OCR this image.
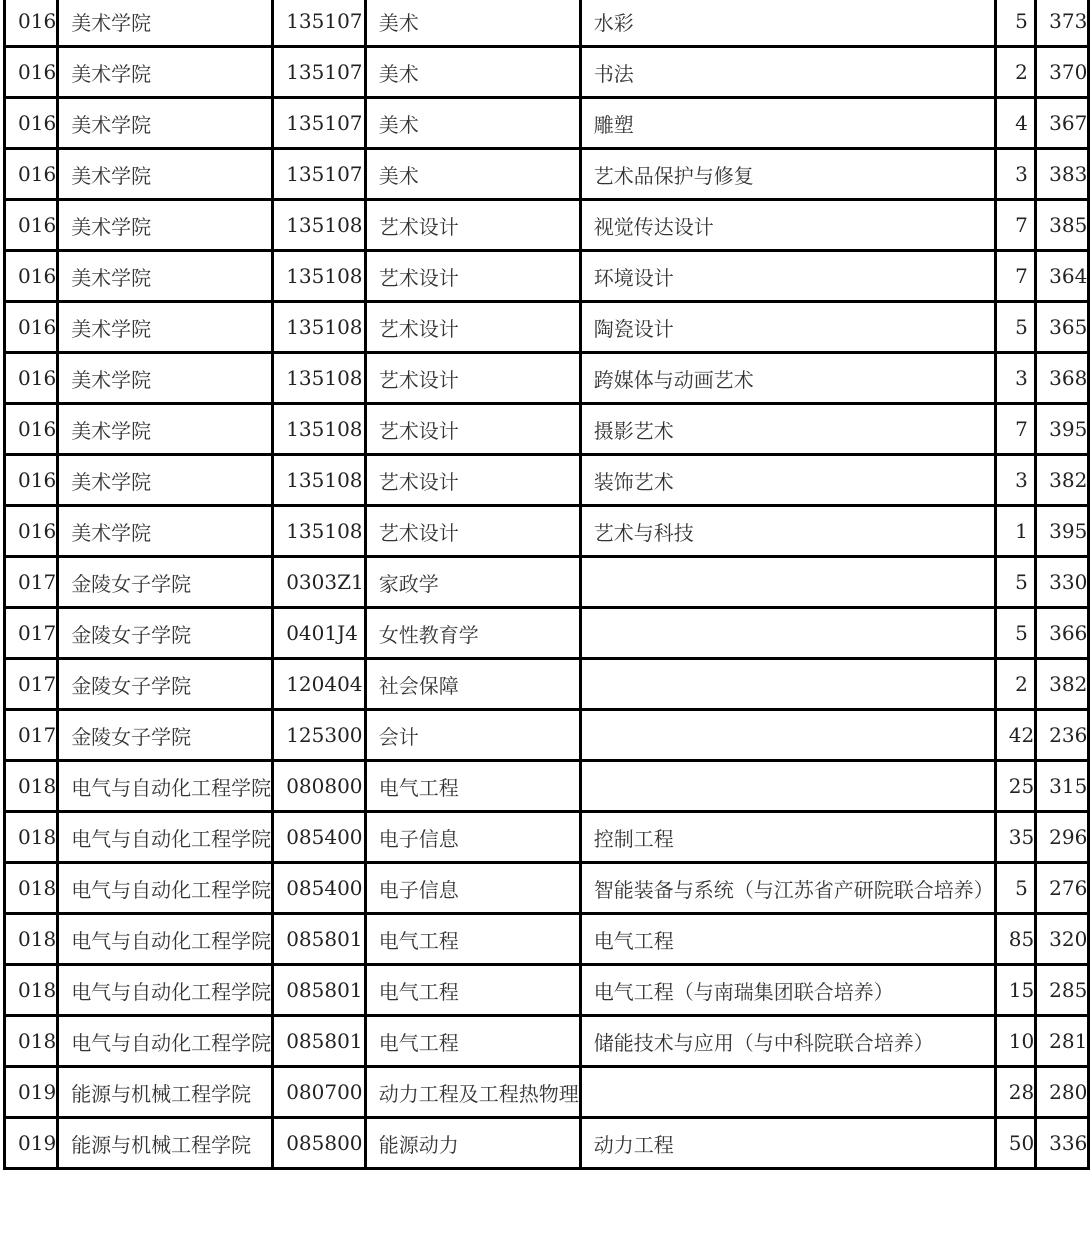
016	美术学院	135107	美术	水彩	5	373
016	美术学院	135107	美术	书法	2	370
016	美术学院	135107	美术	雕塑	4	367
016	美术学院	135107	美术	艺术品保护与修复	3	383
016	美术学院	135108	艺术设计	视觉传达设计	7	385
016	美术学院	135108	艺术设计	环境设计	7	364
016	美术学院	135108	艺术设计	陶瓷设计	5	365
016	美术学院	135108	艺术设计	跨媒体与动画艺术	3	368
016	美术学院	135108	艺术设计	摄影艺术	7	395
016	美术学院	135108	艺术设计	装饰艺术	3	382
016	美术学院	135108	艺术设计	艺术与科技	1	395
017	金陵女子学院	0303Z1	家政学		5	330
017	金陵女子学院	0401J4	女性教育学		5	366
017	金陵女子学院	120404	社会保障		2	382
017	金陵女子学院	125300	会计		42	236
018	电气与自动化工程学院	080800	电气工程		25	315
018	电气与自动化工程学院	085400	电子信息	控制工程	35	296
018	电气与自动化工程学院	085400	电子信息	智能装备与系统（与江苏省产研院联合培养）	5	276
018	电气与自动化工程学院	085801	电气工程	电气工程	85	320
018	电气与自动化工程学院	085801	电气工程	电气工程（与南瑞集团联合培养）	15	285
018	电气与自动化工程学院	085801	电气工程	储能技术与应用（与中科院联合培养）	10	281
019	能源与机械工程学院	080700	动力工程及工程热物理		28	280
019	能源与机械工程学院	085800	能源动力	动力工程	50	336
